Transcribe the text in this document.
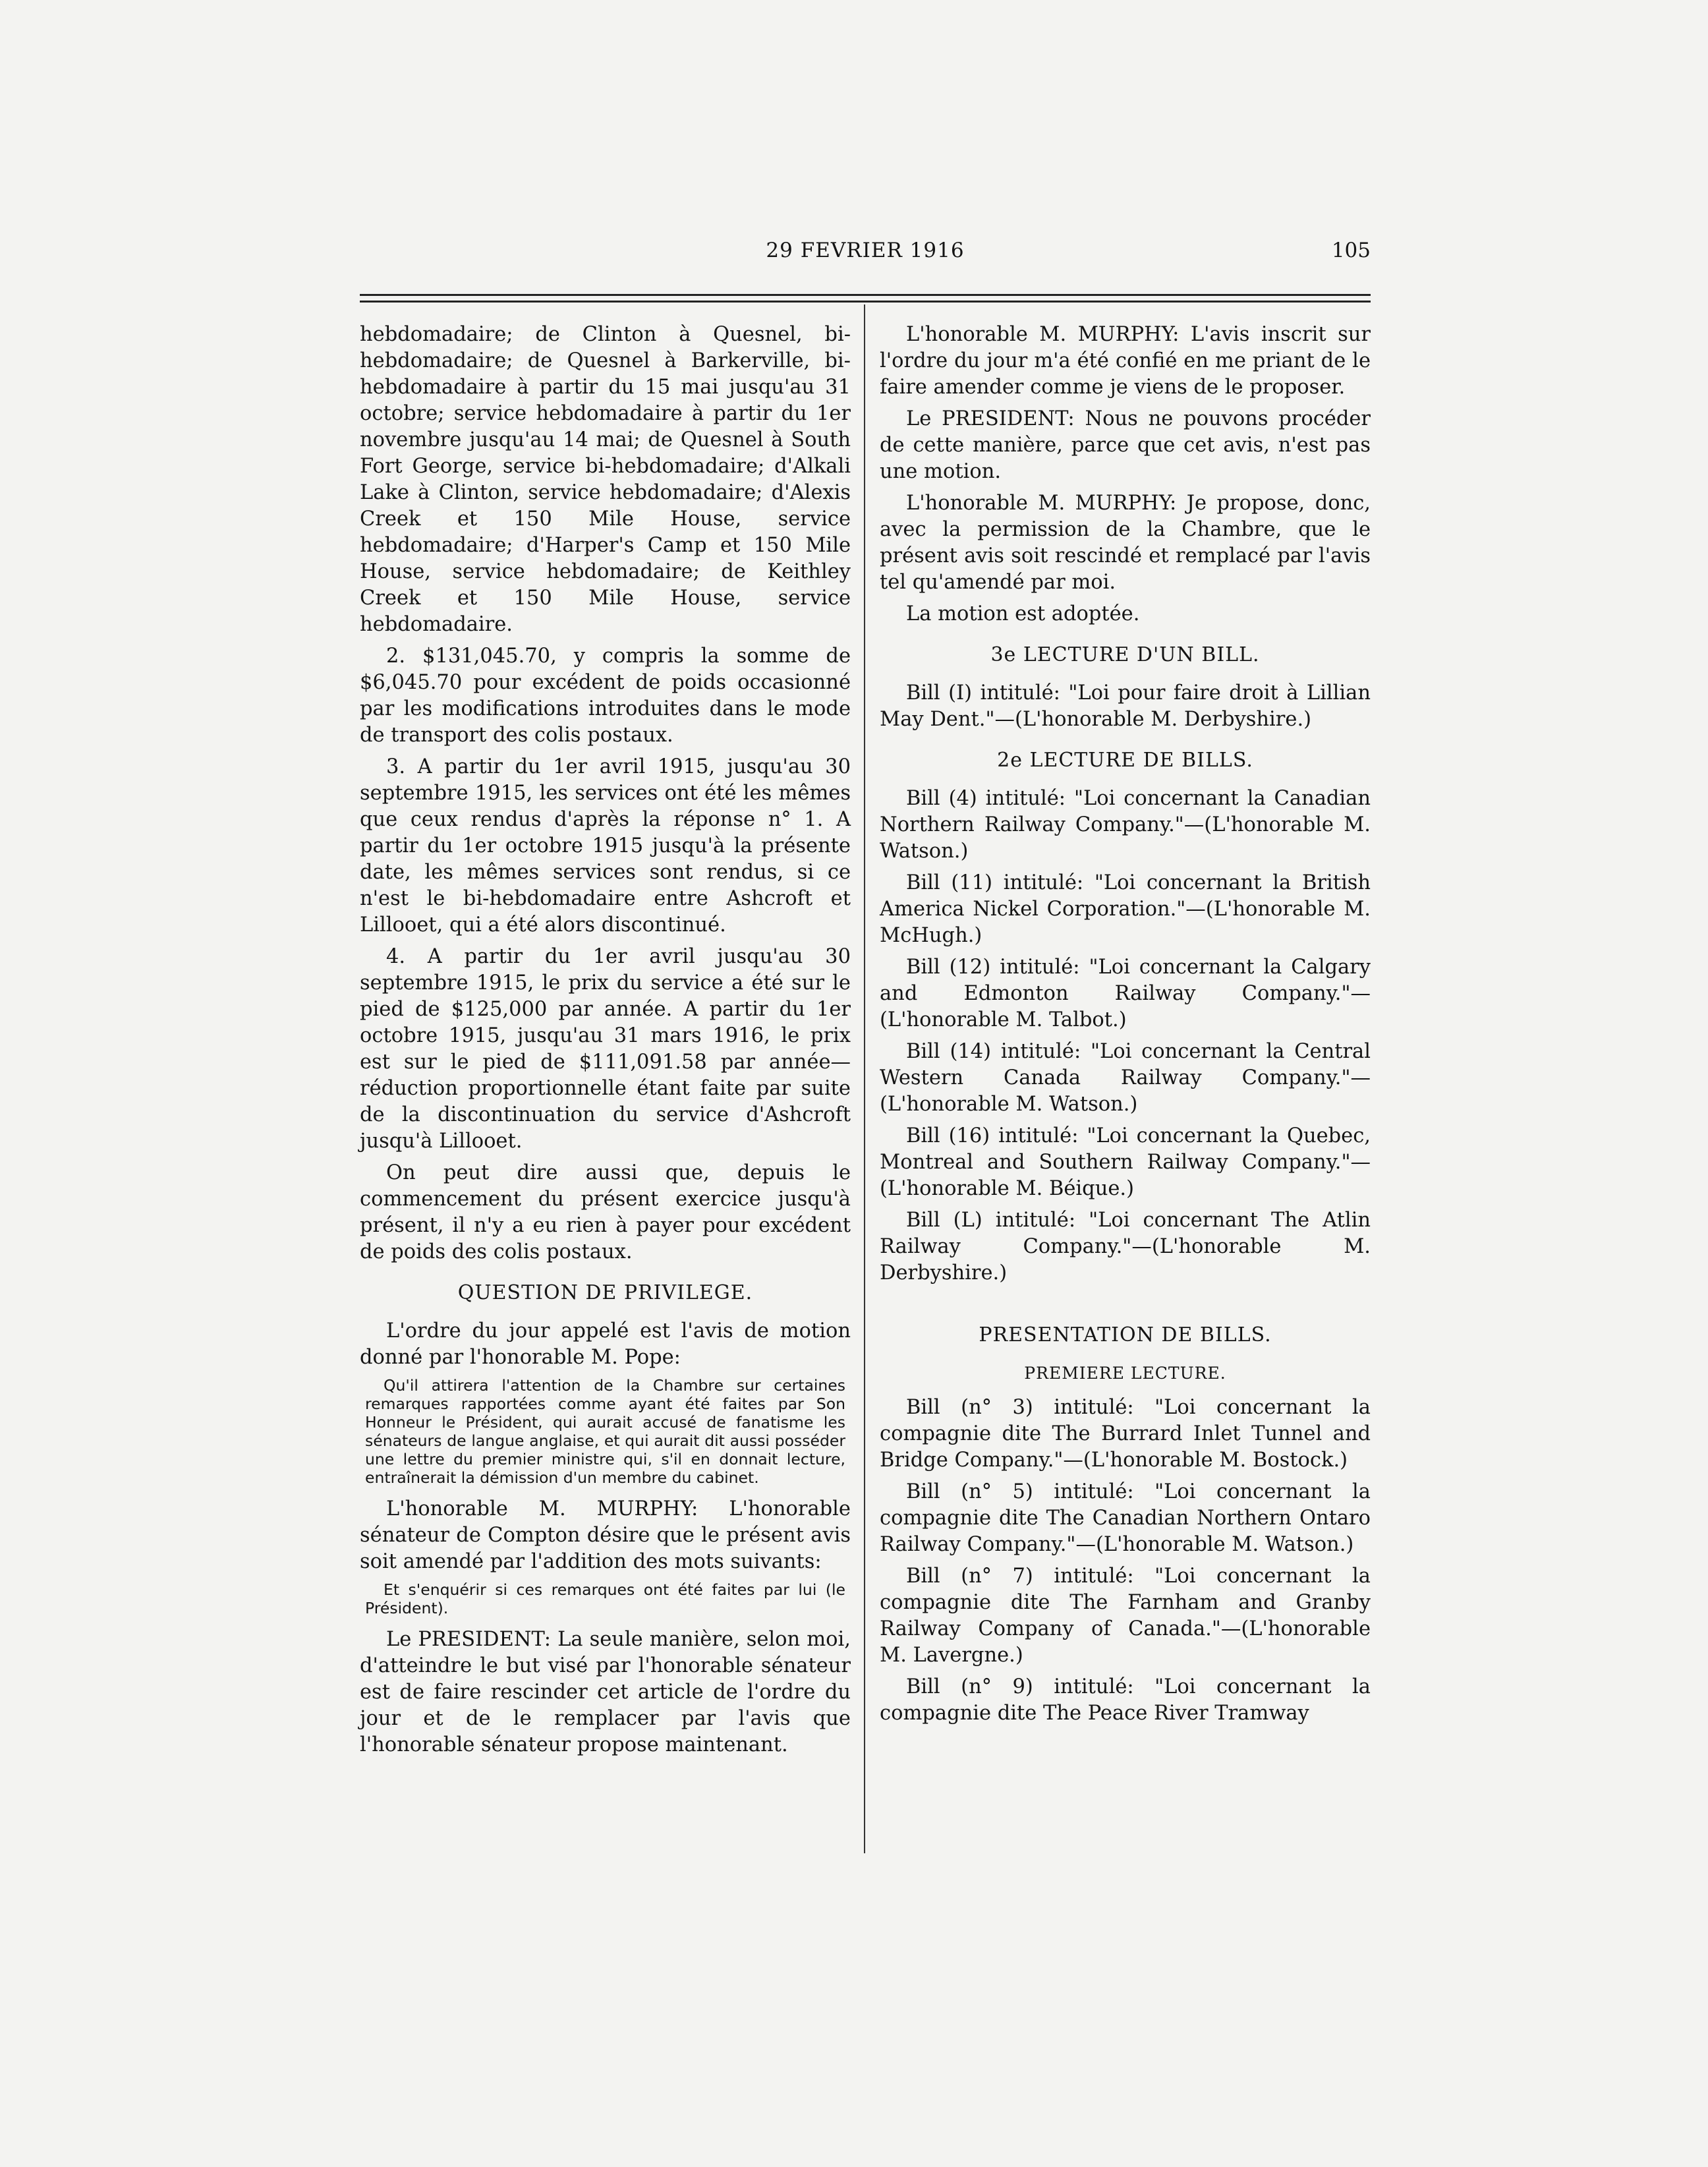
29 FEVRIER 1916	105

hebdomadaire; de Clinton à Quesnel, bi-hebdomadaire; de Quesnel à Barkerville, bi-hebdomadaire à partir du 15 mai jusqu'au 31 octobre; service hebdomadaire à partir du 1er novembre jusqu'au 14 mai; de Quesnel à South Fort George, service bi-hebdomadaire; d'Alkali Lake à Clinton, service hebdomadaire; d'Alexis Creek et 150 Mile House, service hebdomadaire; d'Harper's Camp et 150 Mile House, service hebdomadaire; de Keithley Creek et 150 Mile House, service hebdomadaire.

2. $131,045.70, y compris la somme de $6,045.70 pour excédent de poids occasionné par les modifications introduites dans le mode de transport des colis postaux.

3. A partir du 1er avril 1915, jusqu'au 30 septembre 1915, les services ont été les mêmes que ceux rendus d'après la réponse n° 1. A partir du 1er octobre 1915 jusqu'à la présente date, les mêmes services sont rendus, si ce n'est le bi-hebdomadaire entre Ashcroft et Lillooet, qui a été alors discontinué.

4. A partir du 1er avril jusqu'au 30 septembre 1915, le prix du service a été sur le pied de $125,000 par année. A partir du 1er octobre 1915, jusqu'au 31 mars 1916, le prix est sur le pied de $111,091.58 par année—réduction proportionnelle étant faite par suite de la discontinuation du service d'Ashcroft jusqu'à Lillooet.

On peut dire aussi que, depuis le commencement du présent exercice jusqu'à présent, il n'y a eu rien à payer pour excédent de poids des colis postaux.

QUESTION DE PRIVILEGE.

L'ordre du jour appelé est l'avis de motion donné par l'honorable M. Pope:

Qu'il attirera l'attention de la Chambre sur certaines remarques rapportées comme ayant été faites par Son Honneur le Président, qui aurait accusé de fanatisme les sénateurs de langue anglaise, et qui aurait dit aussi posséder une lettre du premier ministre qui, s'il en donnait lecture, entraînerait la démission d'un membre du cabinet.

L'honorable M. MURPHY: L'honorable sénateur de Compton désire que le présent avis soit amendé par l'addition des mots suivants:

Et s'enquérir si ces remarques ont été faites par lui (le Président).

Le PRESIDENT: La seule manière, selon moi, d'atteindre le but visé par l'honorable sénateur est de faire rescinder cet article de l'ordre du jour et de le remplacer par l'avis que l'honorable sénateur propose maintenant.

L'honorable M. MURPHY: L'avis inscrit sur l'ordre du jour m'a été confié en me priant de le faire amender comme je viens de le proposer.

Le PRESIDENT: Nous ne pouvons procéder de cette manière, parce que cet avis, n'est pas une motion.

L'honorable M. MURPHY: Je propose, donc, avec la permission de la Chambre, que le présent avis soit rescindé et remplacé par l'avis tel qu'amendé par moi.

La motion est adoptée.

3e LECTURE D'UN BILL.

Bill (I) intitulé: "Loi pour faire droit à Lillian May Dent."—(L'honorable M. Derbyshire.)

2e LECTURE DE BILLS.

Bill (4) intitulé: "Loi concernant la Canadian Northern Railway Company."—(L'honorable M. Watson.)

Bill (11) intitulé: "Loi concernant la British America Nickel Corporation."—(L'honorable M. McHugh.)

Bill (12) intitulé: "Loi concernant la Calgary and Edmonton Railway Company."—(L'honorable M. Talbot.)

Bill (14) intitulé: "Loi concernant la Central Western Canada Railway Company."—(L'honorable M. Watson.)

Bill (16) intitulé: "Loi concernant la Quebec, Montreal and Southern Railway Company."—(L'honorable M. Béique.)

Bill (L) intitulé: "Loi concernant The Atlin Railway Company."—(L'honorable M. Derbyshire.)

PRESENTATION DE BILLS.
PREMIERE LECTURE.

Bill (n° 3) intitulé: "Loi concernant la compagnie dite The Burrard Inlet Tunnel and Bridge Company."—(L'honorable M. Bostock.)

Bill (n° 5) intitulé: "Loi concernant la compagnie dite The Canadian Northern Ontaro Railway Company."—(L'honorable M. Watson.)

Bill (n° 7) intitulé: "Loi concernant la compagnie dite The Farnham and Granby Railway Company of Canada."—(L'honorable M. Lavergne.)

Bill (n° 9) intitulé: "Loi concernant la compagnie dite The Peace River Tramway
